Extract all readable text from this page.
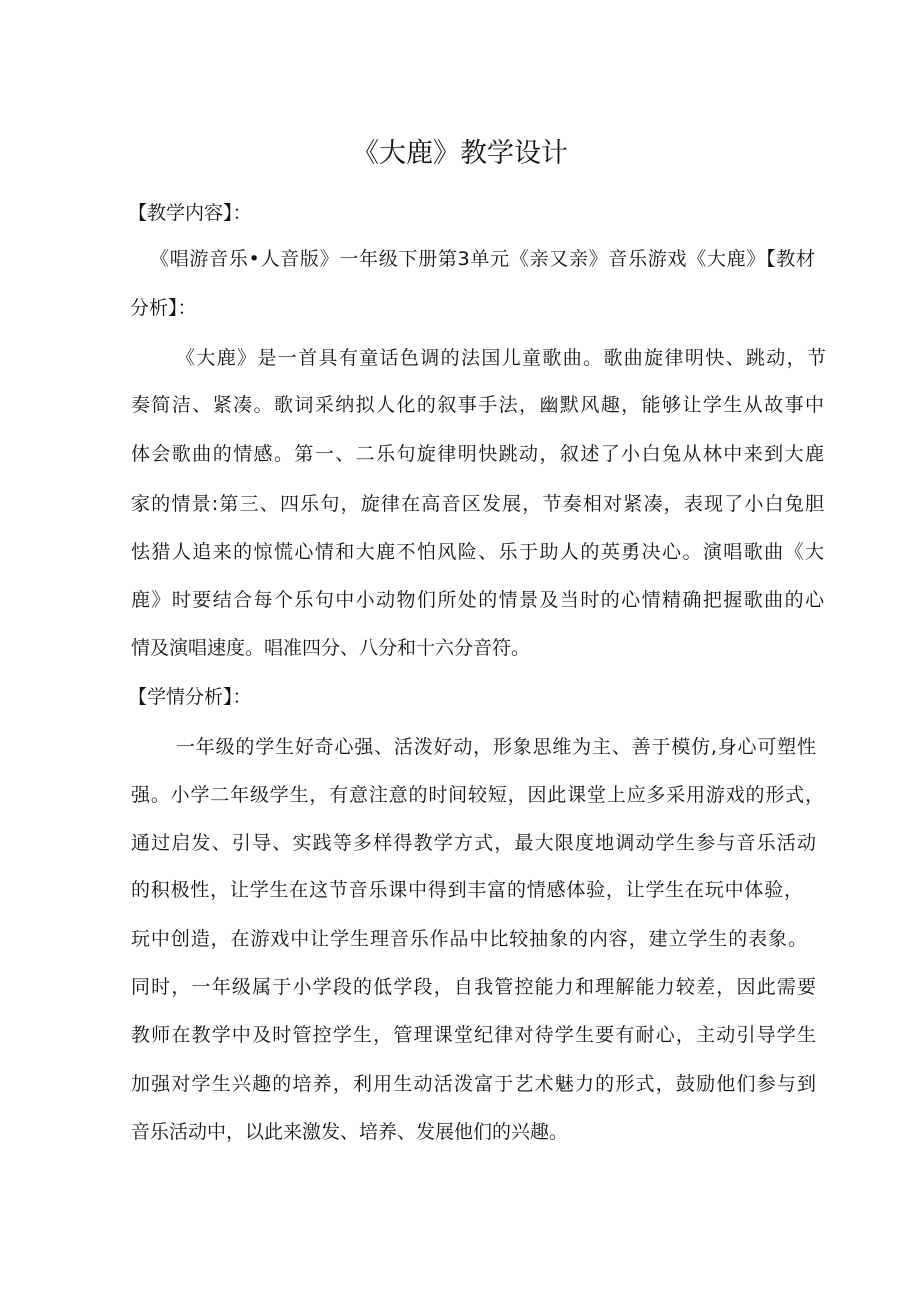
《大鹿》教学设计
【教学内容】：
《唱游音乐•人音版》一年级下册第3单元《亲又亲》音乐游戏《大鹿》【教材
分析】：
《大鹿》是一首具有童话色调的法国儿童歌曲。歌曲旋律明快、跳动，节
奏简洁、紧凑。歌词采纳拟人化的叙事手法，幽默风趣，能够让学生从故事中
体会歌曲的情感。第一、二乐句旋律明快跳动，叙述了小白兔从林中来到大鹿
家的情景:第三、四乐句，旋律在高音区发展，节奏相对紧凑，表现了小白兔胆
怯猎人追来的惊慌心情和大鹿不怕风险、乐于助人的英勇决心。演唱歌曲《大
鹿》时要结合每个乐句中小动物们所处的情景及当时的心情精确把握歌曲的心
情及演唱速度。唱准四分、八分和十六分音符。
【学情分析】：
一年级的学生好奇心强、活泼好动，形象思维为主、善于模仿,身心可塑性
强。小学二年级学生，有意注意的时间较短，因此课堂上应多采用游戏的形式，
通过启发、引导、实践等多样得教学方式，最大限度地调动学生参与音乐活动
的积极性，让学生在这节音乐课中得到丰富的情感体验，让学生在玩中体验，
玩中创造，在游戏中让学生理音乐作品中比较抽象的内容，建立学生的表象。
同时，一年级属于小学段的低学段，自我管控能力和理解能力较差，因此需要
教师在教学中及时管控学生，管理课堂纪律对待学生要有耐心，主动引导学生
加强对学生兴趣的培养，利用生动活泼富于艺术魅力的形式，鼓励他们参与到
音乐活动中，以此来激发、培养、发展他们的兴趣。
